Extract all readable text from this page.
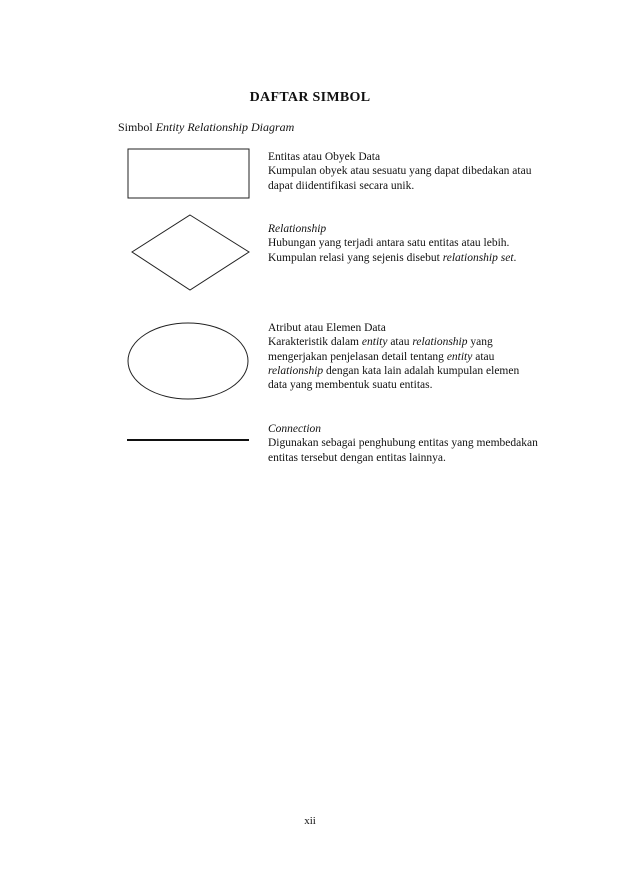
DAFTAR SIMBOL
Simbol Entity Relationship Diagram
Entitas atau Obyek Data
Kumpulan obyek atau sesuatu yang dapat dibedakan atau dapat diidentifikasi secara unik.
Relationship
Hubungan yang terjadi antara satu entitas atau lebih. Kumpulan relasi yang sejenis disebut relationship set.
Atribut atau Elemen Data
Karakteristik dalam entity atau relationship yang mengerjakan penjelasan detail tentang entity atau relationship dengan kata lain adalah kumpulan elemen data yang membentuk suatu entitas.
Connection
Digunakan sebagai penghubung entitas yang membedakan entitas tersebut dengan entitas lainnya.
xii
